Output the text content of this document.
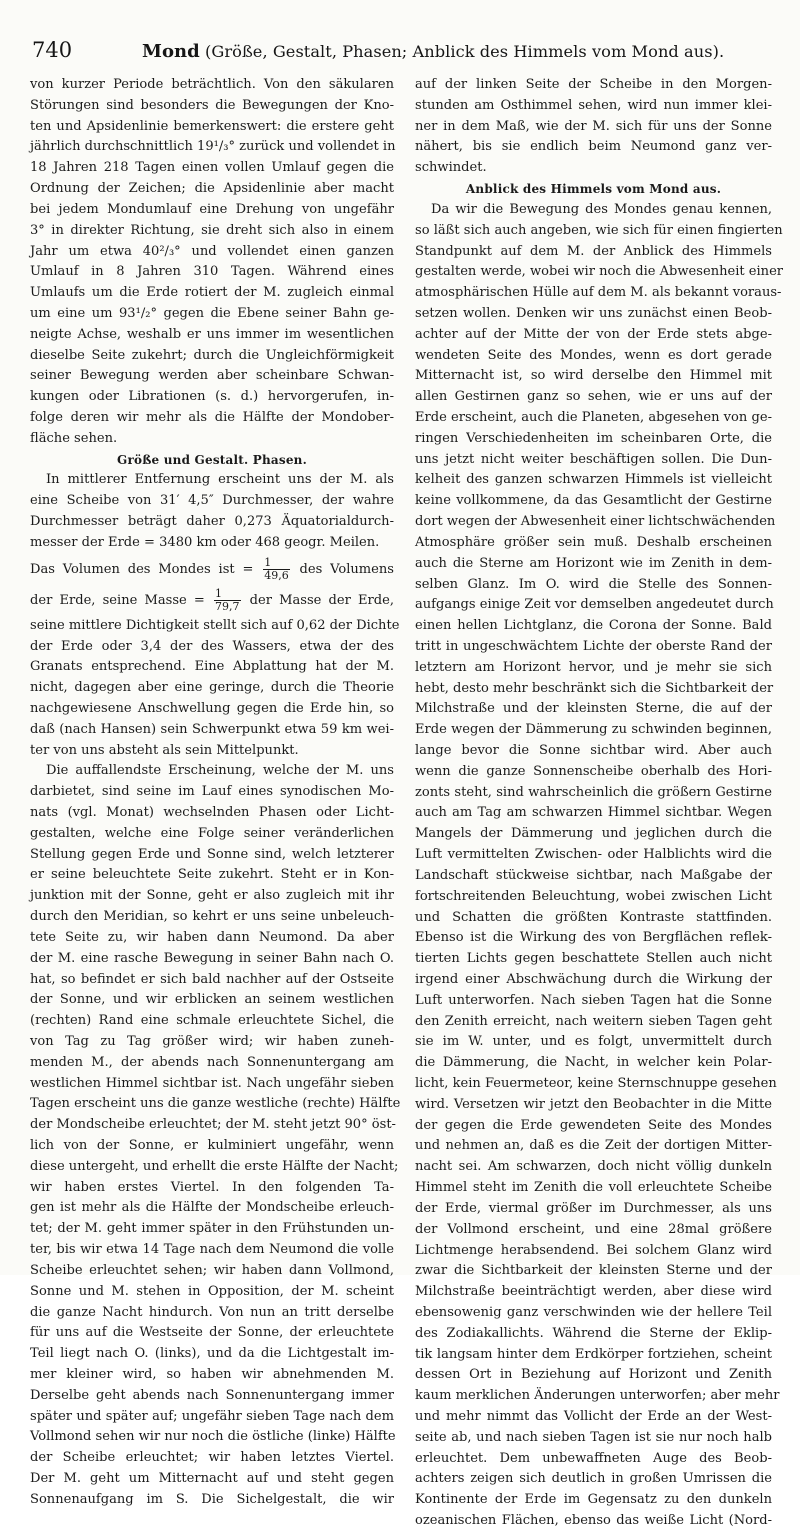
740	Mond (Größe, Gestalt, Phasen; Anblick des Himmels vom Mond aus).
von kurzer Periode beträchtlich. Von den säkularen
Störungen sind besonders die Bewegungen der Kno-
ten und Apsidenlinie bemerkenswert: die erstere geht
jährlich durchschnittlich 19¹/₃° zurück und vollendet in
18 Jahren 218 Tagen einen vollen Umlauf gegen die
Ordnung der Zeichen; die Apsidenlinie aber macht
bei jedem Mondumlauf eine Drehung von ungefähr
3° in direkter Richtung, sie dreht sich also in einem
Jahr um etwa 40²/₃° und vollendet einen ganzen
Umlauf in 8 Jahren 310 Tagen. Während eines
Umlaufs um die Erde rotiert der M. zugleich einmal
um eine um 93¹/₂° gegen die Ebene seiner Bahn ge-
neigte Achse, weshalb er uns immer im wesentlichen
dieselbe Seite zukehrt; durch die Ungleichförmigkeit
seiner Bewegung werden aber scheinbare Schwan-
kungen oder Librationen (s. d.) hervorgerufen, in-
folge deren wir mehr als die Hälfte der Mondober-
fläche sehen.
Größe und Gestalt. Phasen.
In mittlerer Entfernung erscheint uns der M. als
eine Scheibe von 31′ 4,5″ Durchmesser, der wahre
Durchmesser beträgt daher 0,273 Äquatorialdurch-
messer der Erde = 3480 km oder 468 geogr. Meilen.
Das Volumen des Mondes ist = $\frac{1}{49,6}$ des Volumens
der Erde, seine Masse = $\frac{1}{79,7}$ der Masse der Erde,
seine mittlere Dichtigkeit stellt sich auf 0,62 der Dichte
der Erde oder 3,4 der des Wassers, etwa der des
Granats entsprechend. Eine Abplattung hat der M.
nicht, dagegen aber eine geringe, durch die Theorie
nachgewiesene Anschwellung gegen die Erde hin, so
daß (nach Hansen) sein Schwerpunkt etwa 59 km wei-
ter von uns absteht als sein Mittelpunkt.
Die auffallendste Erscheinung, welche der M. uns
darbietet, sind seine im Lauf eines synodischen Mo-
nats (vgl. Monat) wechselnden Phasen oder Licht-
gestalten, welche eine Folge seiner veränderlichen
Stellung gegen Erde und Sonne sind, welch letzterer
er seine beleuchtete Seite zukehrt. Steht er in Kon-
junktion mit der Sonne, geht er also zugleich mit ihr
durch den Meridian, so kehrt er uns seine unbeleuch-
tete Seite zu, wir haben dann Neumond. Da aber
der M. eine rasche Bewegung in seiner Bahn nach O.
hat, so befindet er sich bald nachher auf der Ostseite
der Sonne, und wir erblicken an seinem westlichen
(rechten) Rand eine schmale erleuchtete Sichel, die
von Tag zu Tag größer wird; wir haben zuneh-
menden M., der abends nach Sonnenuntergang am
westlichen Himmel sichtbar ist. Nach ungefähr sieben
Tagen erscheint uns die ganze westliche (rechte) Hälfte
der Mondscheibe erleuchtet; der M. steht jetzt 90° öst-
lich von der Sonne, er kulminiert ungefähr, wenn
diese untergeht, und erhellt die erste Hälfte der Nacht;
wir haben erstes Viertel. In den folgenden Ta-
gen ist mehr als die Hälfte der Mondscheibe erleuch-
tet; der M. geht immer später in den Frühstunden un-
ter, bis wir etwa 14 Tage nach dem Neumond die volle
Scheibe erleuchtet sehen; wir haben dann Vollmond,
Sonne und M. stehen in Opposition, der M. scheint
die ganze Nacht hindurch. Von nun an tritt derselbe
für uns auf die Westseite der Sonne, der erleuchtete
Teil liegt nach O. (links), und da die Lichtgestalt im-
mer kleiner wird, so haben wir abnehmenden M.
Derselbe geht abends nach Sonnenuntergang immer
später und später auf; ungefähr sieben Tage nach dem
Vollmond sehen wir nur noch die östliche (linke) Hälfte
der Scheibe erleuchtet; wir haben letztes Viertel.
Der M. geht um Mitternacht auf und steht gegen
Sonnenaufgang im S. Die Sichelgestalt, die wir
auf der linken Seite der Scheibe in den Morgen-
stunden am Osthimmel sehen, wird nun immer klei-
ner in dem Maß, wie der M. sich für uns der Sonne
nähert, bis sie endlich beim Neumond ganz ver-
schwindet.
Anblick des Himmels vom Mond aus.
Da wir die Bewegung des Mondes genau kennen,
so läßt sich auch angeben, wie sich für einen fingierten
Standpunkt auf dem M. der Anblick des Himmels
gestalten werde, wobei wir noch die Abwesenheit einer
atmosphärischen Hülle auf dem M. als bekannt voraus-
setzen wollen. Denken wir uns zunächst einen Beob-
achter auf der Mitte der von der Erde stets abge-
wendeten Seite des Mondes, wenn es dort gerade
Mitternacht ist, so wird derselbe den Himmel mit
allen Gestirnen ganz so sehen, wie er uns auf der
Erde erscheint, auch die Planeten, abgesehen von ge-
ringen Verschiedenheiten im scheinbaren Orte, die
uns jetzt nicht weiter beschäftigen sollen. Die Dun-
kelheit des ganzen schwarzen Himmels ist vielleicht
keine vollkommene, da das Gesamtlicht der Gestirne
dort wegen der Abwesenheit einer lichtschwächenden
Atmosphäre größer sein muß. Deshalb erscheinen
auch die Sterne am Horizont wie im Zenith in dem-
selben Glanz. Im O. wird die Stelle des Sonnen-
aufgangs einige Zeit vor demselben angedeutet durch
einen hellen Lichtglanz, die Corona der Sonne. Bald
tritt in ungeschwächtem Lichte der oberste Rand der
letztern am Horizont hervor, und je mehr sie sich
hebt, desto mehr beschränkt sich die Sichtbarkeit der
Milchstraße und der kleinsten Sterne, die auf der
Erde wegen der Dämmerung zu schwinden beginnen,
lange bevor die Sonne sichtbar wird. Aber auch
wenn die ganze Sonnenscheibe oberhalb des Hori-
zonts steht, sind wahrscheinlich die größern Gestirne
auch am Tag am schwarzen Himmel sichtbar. Wegen
Mangels der Dämmerung und jeglichen durch die
Luft vermittelten Zwischen- oder Halblichts wird die
Landschaft stückweise sichtbar, nach Maßgabe der
fortschreitenden Beleuchtung, wobei zwischen Licht
und Schatten die größten Kontraste stattfinden.
Ebenso ist die Wirkung des von Bergflächen reflek-
tierten Lichts gegen beschattete Stellen auch nicht
irgend einer Abschwächung durch die Wirkung der
Luft unterworfen. Nach sieben Tagen hat die Sonne
den Zenith erreicht, nach weitern sieben Tagen geht
sie im W. unter, und es folgt, unvermittelt durch
die Dämmerung, die Nacht, in welcher kein Polar-
licht, kein Feuermeteor, keine Sternschnuppe gesehen
wird. Versetzen wir jetzt den Beobachter in die Mitte
der gegen die Erde gewendeten Seite des Mondes
und nehmen an, daß es die Zeit der dortigen Mitter-
nacht sei. Am schwarzen, doch nicht völlig dunkeln
Himmel steht im Zenith die voll erleuchtete Scheibe
der Erde, viermal größer im Durchmesser, als uns
der Vollmond erscheint, und eine 28mal größere
Lichtmenge herabsendend. Bei solchem Glanz wird
zwar die Sichtbarkeit der kleinsten Sterne und der
Milchstraße beeinträchtigt werden, aber diese wird
ebensowenig ganz verschwinden wie der hellere Teil
des Zodiakallichts. Während die Sterne der Eklip-
tik langsam hinter dem Erdkörper fortziehen, scheint
dessen Ort in Beziehung auf Horizont und Zenith
kaum merklichen Änderungen unterworfen; aber mehr
und mehr nimmt das Vollicht der Erde an der West-
seite ab, und nach sieben Tagen ist sie nur noch halb
erleuchtet. Dem unbewaffneten Auge des Beob-
achters zeigen sich deutlich in großen Umrissen die
Kontinente der Erde im Gegensatz zu den dunkeln
ozeanischen Flächen, ebenso das weiße Licht (Nord-
